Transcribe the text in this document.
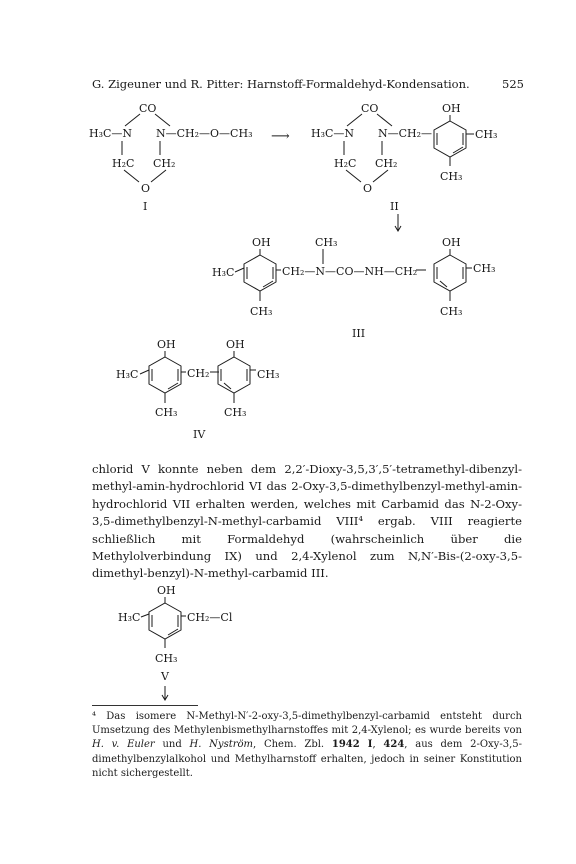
G. Zigeuner und R. Pitter: Harnstoff-Formaldehyd-Kondensation.	525
CO
H₃C—N N—CH₂—O—CH₃
H₂C CH₂
O
I
⟶
CO
H₃C—N N—CH₂—
H₂C CH₂
O
OH
CH₃
CH₃
II
OH
H₃C	CH₂—N—CO—NH—CH₂
CH₃	OH
CH₃
CH₃	CH₃
III
OH
H₃C	CH₂
OH
CH₃
CH₃	CH₃
IV
OH
H₃C	CH₂—Cl
CH₃
V

chlorid V konnte neben dem 2,2′-Dioxy-3,5,3′,5′-tetramethyl-dibenzyl-methyl-amin-hydrochlorid VI das 2-Oxy-3,5-dimethylbenzyl-methyl-amin-hydrochlorid VII erhalten werden, welches mit Carbamid das N-2-Oxy-3,5-dimethylbenzyl-N-methyl-carbamid VIII⁴ ergab. VIII reagierte schließlich mit Formaldehyd (wahrscheinlich über die Methylolverbindung IX) und 2,4-Xylenol zum N,N′-Bis-(2-oxy-3,5-dimethyl-benzyl)-N-methyl-carbamid III.

⁴ Das isomere N-Methyl-N′-2-oxy-3,5-dimethylbenzyl-carbamid entsteht durch Umsetzung des Methylenbismethylharnstoffes mit 2,4-Xylenol; es wurde bereits von H. v. Euler und H. Nyström, Chem. Zbl. 1942 I, 424, aus dem 2-Oxy-3,5-dimethylbenzylalkohol und Methylharnstoff erhalten, jedoch in seiner Konstitution nicht sichergestellt.
